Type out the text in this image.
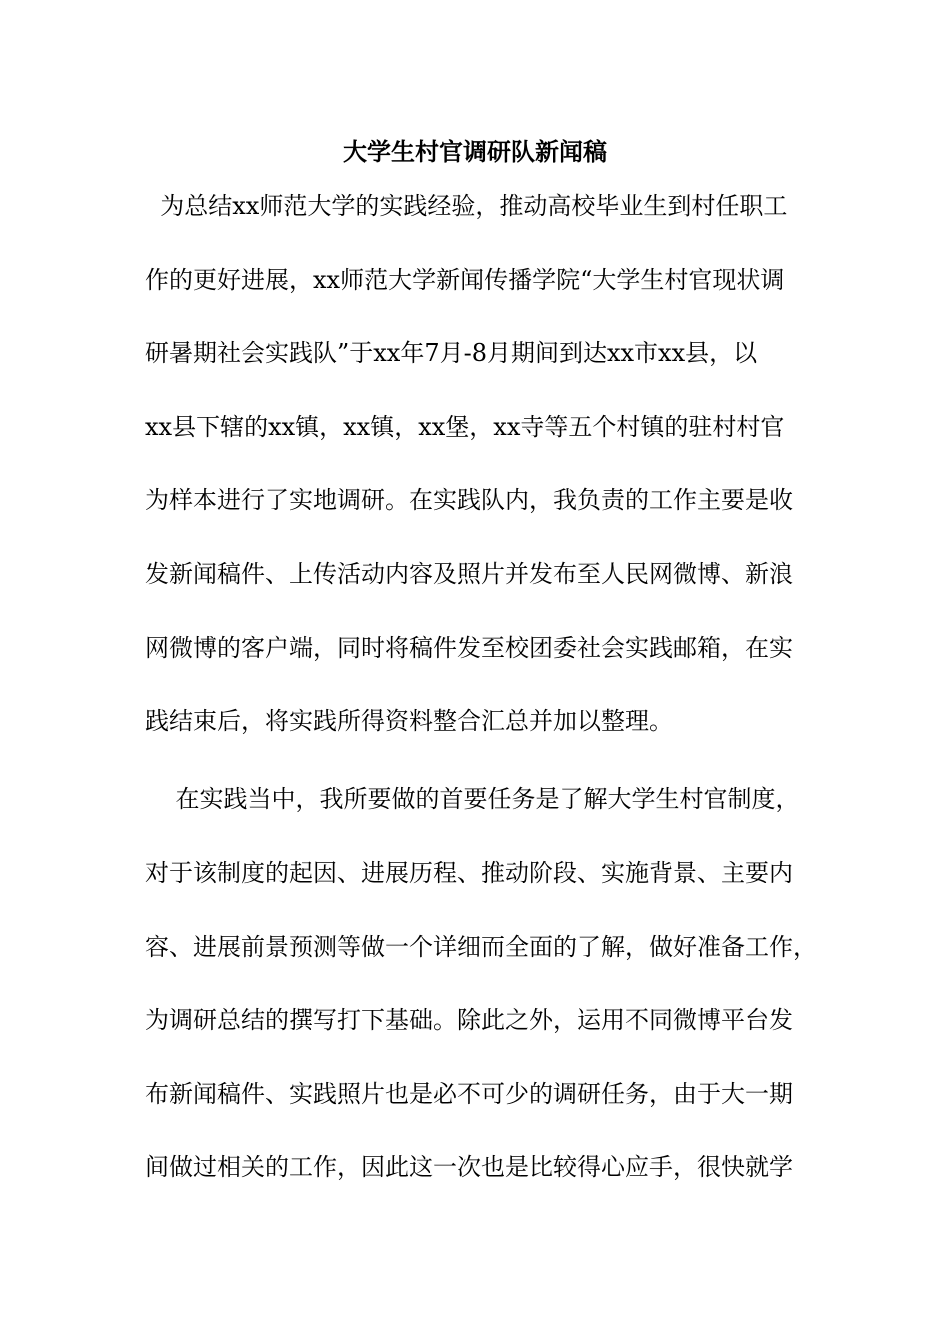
大学生村官调研队新闻稿
为总结xx师范大学的实践经验，推动高校毕业生到村任职工
作的更好进展，xx师范大学新闻传播学院“大学生村官现状调
研暑期社会实践队”于xx年7月-8月期间到达xx市xx县，以
xx县下辖的xx镇，xx镇，xx堡，xx寺等五个村镇的驻村村官
为样本进行了实地调研。在实践队内，我负责的工作主要是收
发新闻稿件、上传活动内容及照片并发布至人民网微博、新浪
网微博的客户端，同时将稿件发至校团委社会实践邮箱，在实
践结束后，将实践所得资料整合汇总并加以整理。
在实践当中，我所要做的首要任务是了解大学生村官制度，
对于该制度的起因、进展历程、推动阶段、实施背景、主要内
容、进展前景预测等做一个详细而全面的了解，做好准备工作，
为调研总结的撰写打下基础。除此之外，运用不同微博平台发
布新闻稿件、实践照片也是必不可少的调研任务，由于大一期
间做过相关的工作，因此这一次也是比较得心应手，很快就学
